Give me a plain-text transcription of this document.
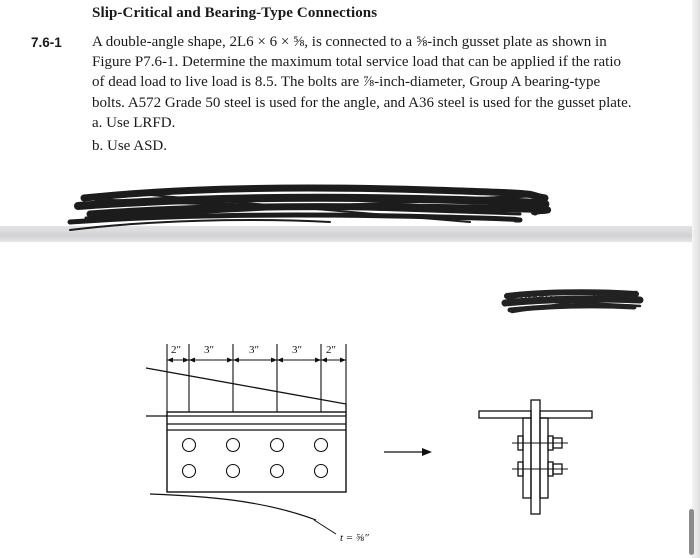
Slip-Critical and Bearing-Type Connections
7.6-1 A double-angle shape, 2L6 × 6 × ⅝, is connected to a ⅝-inch gusset plate as shown in

Figure P7.6-1. Determine the maximum total service load that can be applied if the ratio

of dead load to live load is 8.5. The bolts are ⅞-inch-diameter, Group A bearing-type

bolts. A572 Grade 50 steel is used for the angle, and A36 steel is used for the gusset plate.

a. Use LRFD.
b. Use ASD.
Problems 465
2″ 3″	3″	3″ 2″
t = ⅝″
